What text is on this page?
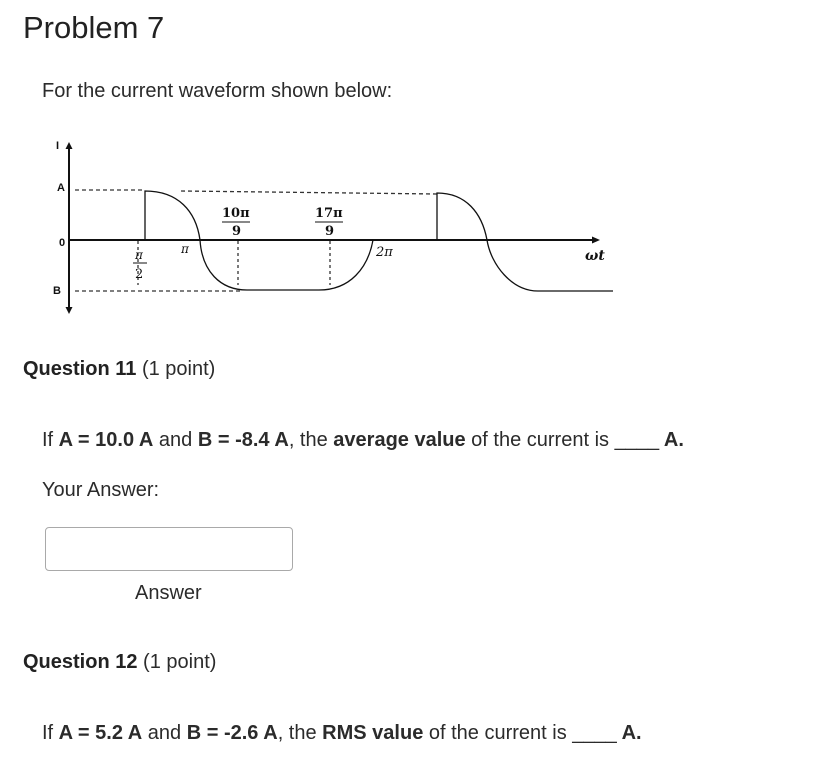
Problem 7
For the current waveform shown below:
I
A
0
B
ωt
π
2
π
10π
9
17π
9
2π
Question 11 (1 point)
If A = 10.0 A and B = -8.4 A, the average value of the current is ____ A.
Your Answer:
Answer
Question 12 (1 point)
If A = 5.2 A and B = -2.6 A, the RMS value of the current is ____ A.
